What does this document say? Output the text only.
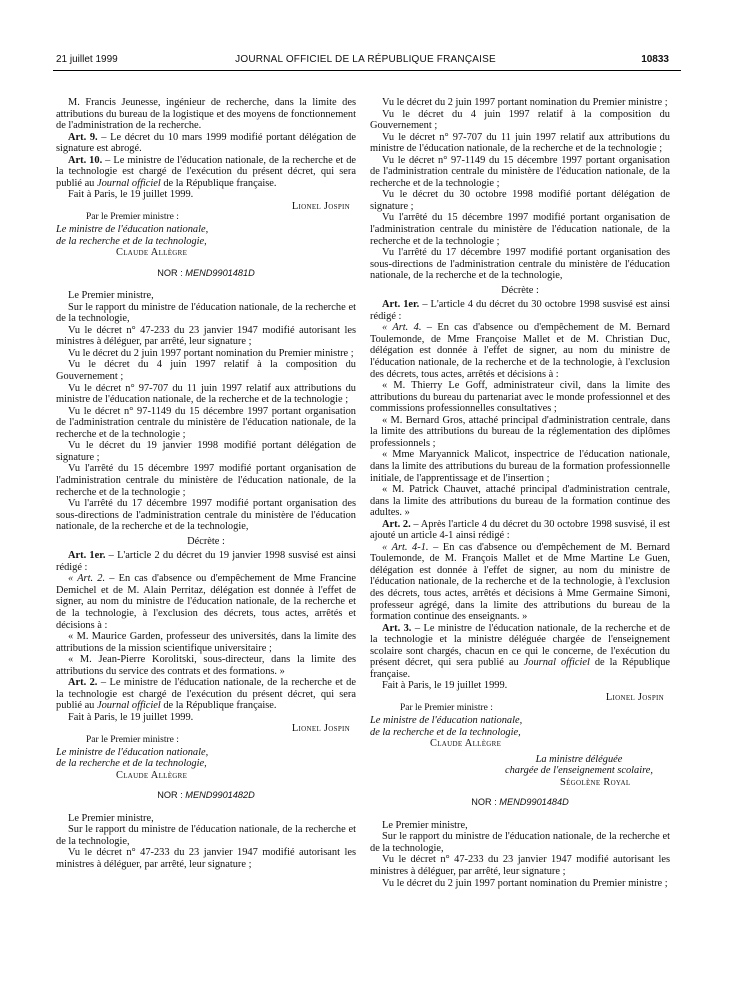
21 juillet 1999	JOURNAL OFFICIEL DE LA RÉPUBLIQUE FRANÇAISE	10833

M. Francis Jeunesse, ingénieur de recherche, dans la limite des attributions du bureau de la logistique et des moyens de fonctionnement de l'administration de la recherche.

Art. 9. – Le décret du 10 mars 1999 modifié portant délégation de signature est abrogé.

Art. 10. – Le ministre de l'éducation nationale, de la recherche et de la technologie est chargé de l'exécution du présent décret, qui sera publié au Journal officiel de la République française.

Fait à Paris, le 19 juillet 1999.

Lionel Jospin

Par le Premier ministre :

Le ministre de l'éducation nationale,

de la recherche et de la technologie,

Claude Allègre

NOR : MEND9901481D

Le Premier ministre,

Sur le rapport du ministre de l'éducation nationale, de la recherche et de la technologie,

Vu le décret n° 47-233 du 23 janvier 1947 modifié autorisant les ministres à déléguer, par arrêté, leur signature ;

Vu le décret du 2 juin 1997 portant nomination du Premier ministre ;

Vu le décret du 4 juin 1997 relatif à la composition du Gouvernement ;

Vu le décret n° 97-707 du 11 juin 1997 relatif aux attributions du ministre de l'éducation nationale, de la recherche et de la technologie ;

Vu le décret n° 97-1149 du 15 décembre 1997 portant organisation de l'administration centrale du ministère de l'éducation nationale, de la recherche et de la technologie ;

Vu le décret du 19 janvier 1998 modifié portant délégation de signature ;

Vu l'arrêté du 15 décembre 1997 modifié portant organisation de l'administration centrale du ministère de l'éducation nationale, de la recherche et de la technologie ;

Vu l'arrêté du 17 décembre 1997 modifié portant organisation des sous-directions de l'administration centrale du ministère de l'éducation nationale, de la recherche et de la technologie,

Décrète :

Art. 1er. – L'article 2 du décret du 19 janvier 1998 susvisé est ainsi rédigé :

« Art. 2. – En cas d'absence ou d'empêchement de Mme Francine Demichel et de M. Alain Perritaz, délégation est donnée à l'effet de signer, au nom du ministre de l'éducation nationale, de la recherche et de la technologie, à l'exclusion des décrets, tous actes, arrêtés et décisions à :

« M. Maurice Garden, professeur des universités, dans la limite des attributions de la mission scientifique universitaire ;

« M. Jean-Pierre Korolitski, sous-directeur, dans la limite des attributions du service des contrats et des formations. »

Art. 2. – Le ministre de l'éducation nationale, de la recherche et de la technologie est chargé de l'exécution du présent décret, qui sera publié au Journal officiel de la République française.

Fait à Paris, le 19 juillet 1999.

Lionel Jospin

Par le Premier ministre :

Le ministre de l'éducation nationale,

de la recherche et de la technologie,

Claude Allègre

NOR : MEND9901482D

Le Premier ministre,

Sur le rapport du ministre de l'éducation nationale, de la recherche et de la technologie,

Vu le décret n° 47-233 du 23 janvier 1947 modifié autorisant les ministres à déléguer, par arrêté, leur signature ;

Vu le décret du 2 juin 1997 portant nomination du Premier ministre ;

Vu le décret du 4 juin 1997 relatif à la composition du Gouvernement ;

Vu le décret n° 97-707 du 11 juin 1997 relatif aux attributions du ministre de l'éducation nationale, de la recherche et de la technologie ;

Vu le décret n° 97-1149 du 15 décembre 1997 portant organisation de l'administration centrale du ministère de l'éducation nationale, de la recherche et de la technologie ;

Vu le décret du 30 octobre 1998 modifié portant délégation de signature ;

Vu l'arrêté du 15 décembre 1997 modifié portant organisation de l'administration centrale du ministère de l'éducation nationale, de la recherche et de la technologie ;

Vu l'arrêté du 17 décembre 1997 modifié portant organisation des sous-directions de l'administration centrale du ministère de l'éducation nationale, de la recherche et de la technologie,

Décrète :

Art. 1er. – L'article 4 du décret du 30 octobre 1998 susvisé est ainsi rédigé :

« Art. 4. – En cas d'absence ou d'empêchement de M. Bernard Toulemonde, de Mme Françoise Mallet et de M. Christian Duc, délégation est donnée à l'effet de signer, au nom du ministre de l'éducation nationale, de la recherche et de la technologie, à l'exclusion des décrets, tous actes, arrêtés et décisions à :

« M. Thierry Le Goff, administrateur civil, dans la limite des attributions du bureau du partenariat avec le monde professionnel et des commissions professionnelles consultatives ;

« M. Bernard Gros, attaché principal d'administration centrale, dans la limite des attributions du bureau de la réglementation des diplômes professionnels ;

« Mme Maryannick Malicot, inspectrice de l'éducation nationale, dans la limite des attributions du bureau de la formation professionnelle initiale, de l'apprentissage et de l'insertion ;

« M. Patrick Chauvet, attaché principal d'administration centrale, dans la limite des attributions du bureau de la formation continue des adultes. »

Art. 2. – Après l'article 4 du décret du 30 octobre 1998 susvisé, il est ajouté un article 4-1 ainsi rédigé :

« Art. 4-1. – En cas d'absence ou d'empêchement de M. Bernard Toulemonde, de M. François Mallet et de Mme Martine Le Guen, délégation est donnée à l'effet de signer, au nom du ministre de l'éducation nationale, de la recherche et de la technologie, à l'exclusion des décrets, tous actes, arrêtés et décisions à Mme Germaine Simoni, professeur agrégé, dans la limite des attributions du bureau de la formation continue des enseignants. »

Art. 3. – Le ministre de l'éducation nationale, de la recherche et de la technologie et la ministre déléguée chargée de l'enseignement scolaire sont chargés, chacun en ce qui le concerne, de l'exécution du présent décret, qui sera publié au Journal officiel de la République française.

Fait à Paris, le 19 juillet 1999.

Lionel Jospin

Par le Premier ministre :

Le ministre de l'éducation nationale,

de la recherche et de la technologie,

Claude Allègre

La ministre déléguée

chargée de l'enseignement scolaire,

Ségolène Royal

NOR : MEND9901484D

Le Premier ministre,

Sur le rapport du ministre de l'éducation nationale, de la recherche et de la technologie,

Vu le décret n° 47-233 du 23 janvier 1947 modifié autorisant les ministres à déléguer, par arrêté, leur signature ;

Vu le décret du 2 juin 1997 portant nomination du Premier ministre ;
